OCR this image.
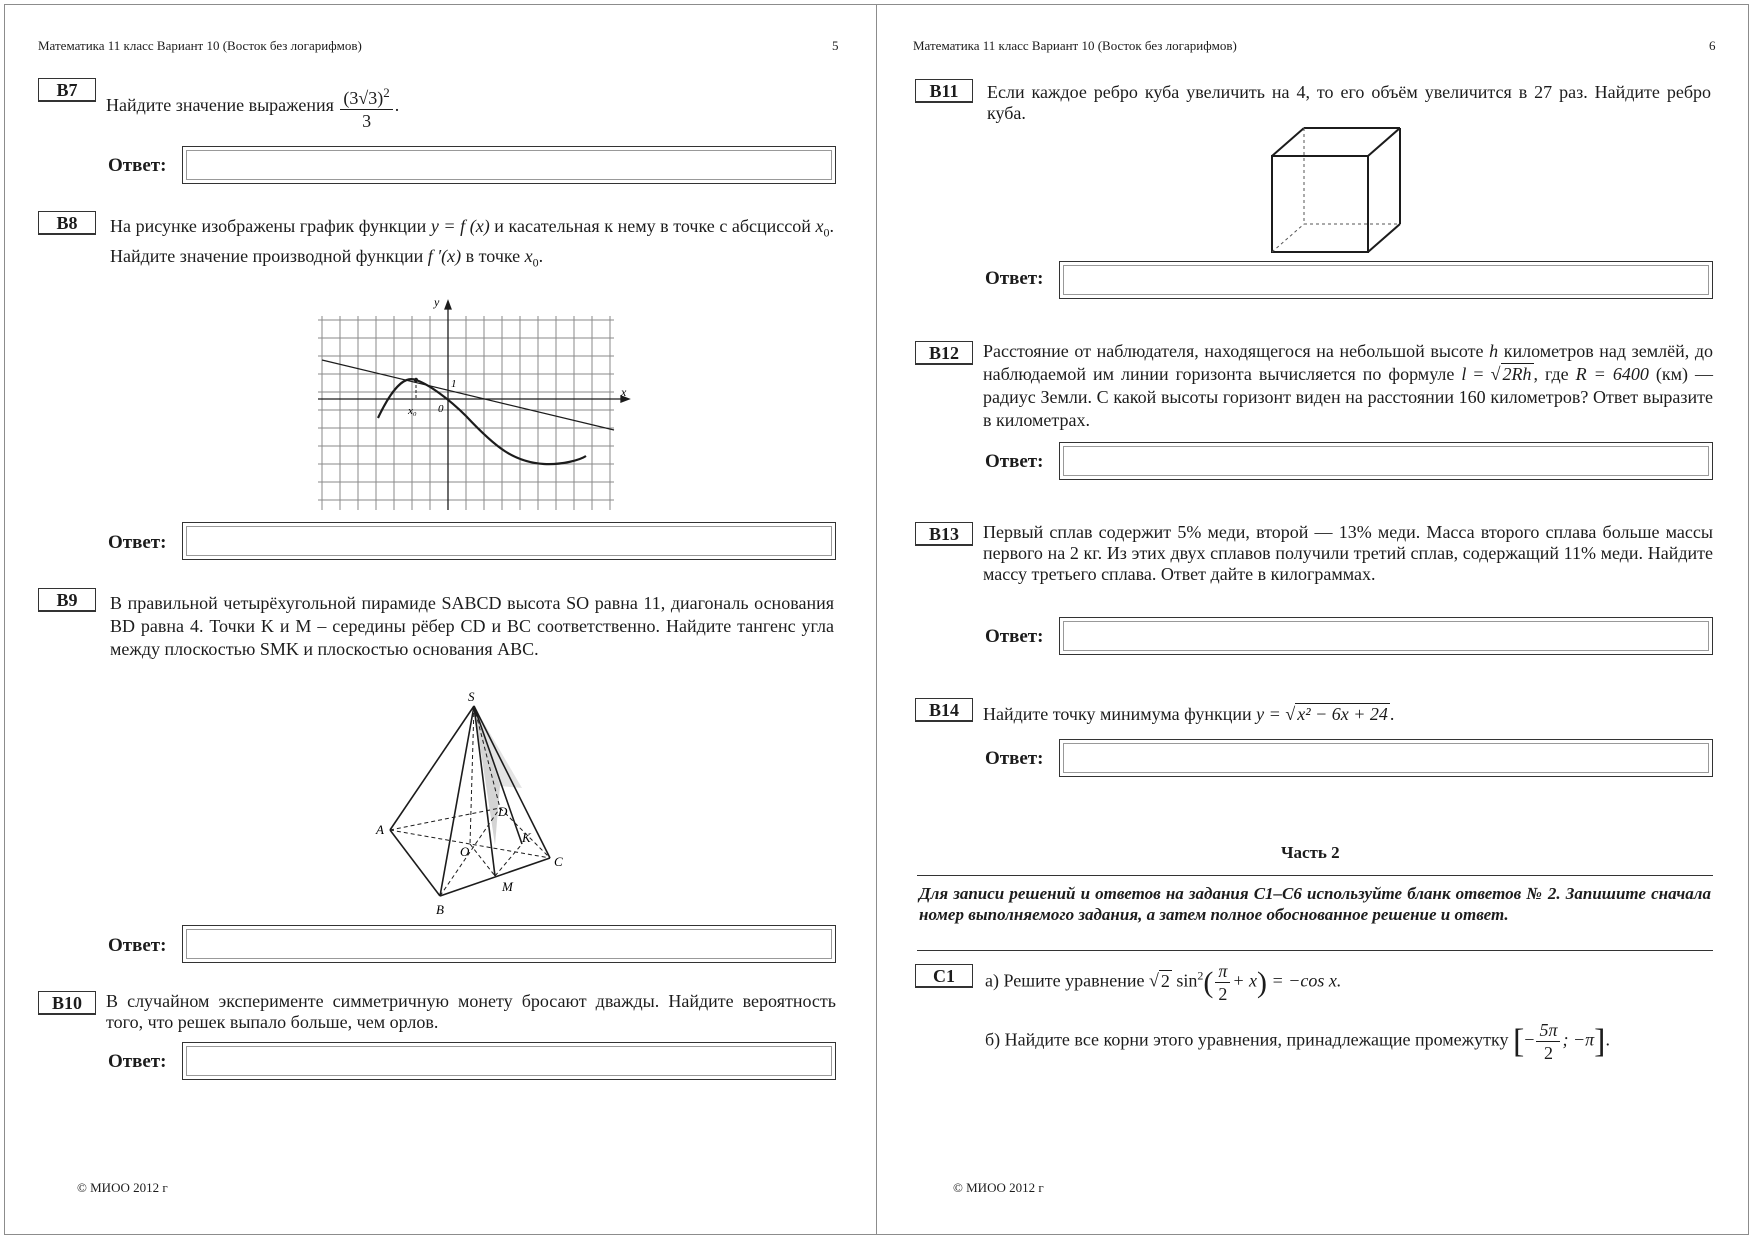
Математика 11 класс Вариант 10 (Восток без логарифмов)	5
B7
Найдите значение выражения $\frac{(3√3)^2}{3}$ .
Ответ:
B8	На рисунке изображены график функции y = f (x) и касательная к нему в точке с абсциссой $x_0$. Найдите значение производной функции f ′(x) в точке $x_0$.
y
x
x₀
1
0
Ответ:
B9	В правильной четырёхугольной пирамиде SABCD высота SO равна 11, диагональ основания BD равна 4. Точки K и M – середины рёбер CD и BC соответственно. Найдите тангенс угла между плоскостью SMK и плоскостью основания ABC.
S
A
B
C
D
O
K
M
Ответ:
B10	В случайном эксперименте симметричную монету бросают дважды. Найдите вероятность того, что решек выпало больше, чем орлов.
Ответ:
© МИОО 2012 г
Математика 11 класс Вариант 10 (Восток без логарифмов)	6
B11	Если каждое ребро куба увеличить на 4, то его объём увеличится в 27 раз. Найдите ребро куба.
Ответ:
B12	Расстояние от наблюдателя, находящегося на небольшой высоте h километров над землёй, до наблюдаемой им линии горизонта вычисляется по формуле l = √ 2Rh , где R = 6400 (км) — радиус Земли. С какой высоты горизонт виден на расстоянии 160 километров? Ответ выразите в километрах.
Ответ:
B13	Первый сплав содержит 5% меди, второй — 13% меди. Масса второго сплава больше массы первого на 2 кг. Из этих двух сплавов получили третий сплав, содержащий 11% меди. Найдите массу третьего сплава. Ответ дайте в килограммах.
Ответ:
B14	Найдите точку минимума функции y = √ x² − 6x + 24 .
Ответ:
Часть 2
Для записи решений и ответов на задания С1–С6 используйте бланк ответов № 2. Запишите сначала номер выполняемого задания, а затем полное обоснованное решение и ответ.
C1	а) Решите уравнение √ 2 $\sin^2( \frac{\pi}{2} + x) = -\cos$ x.
б) Найдите все корни этого уравнения, принадлежащие промежутку [− $\frac{5\pi}{2}$ ; −π].
© МИОО 2012 г
